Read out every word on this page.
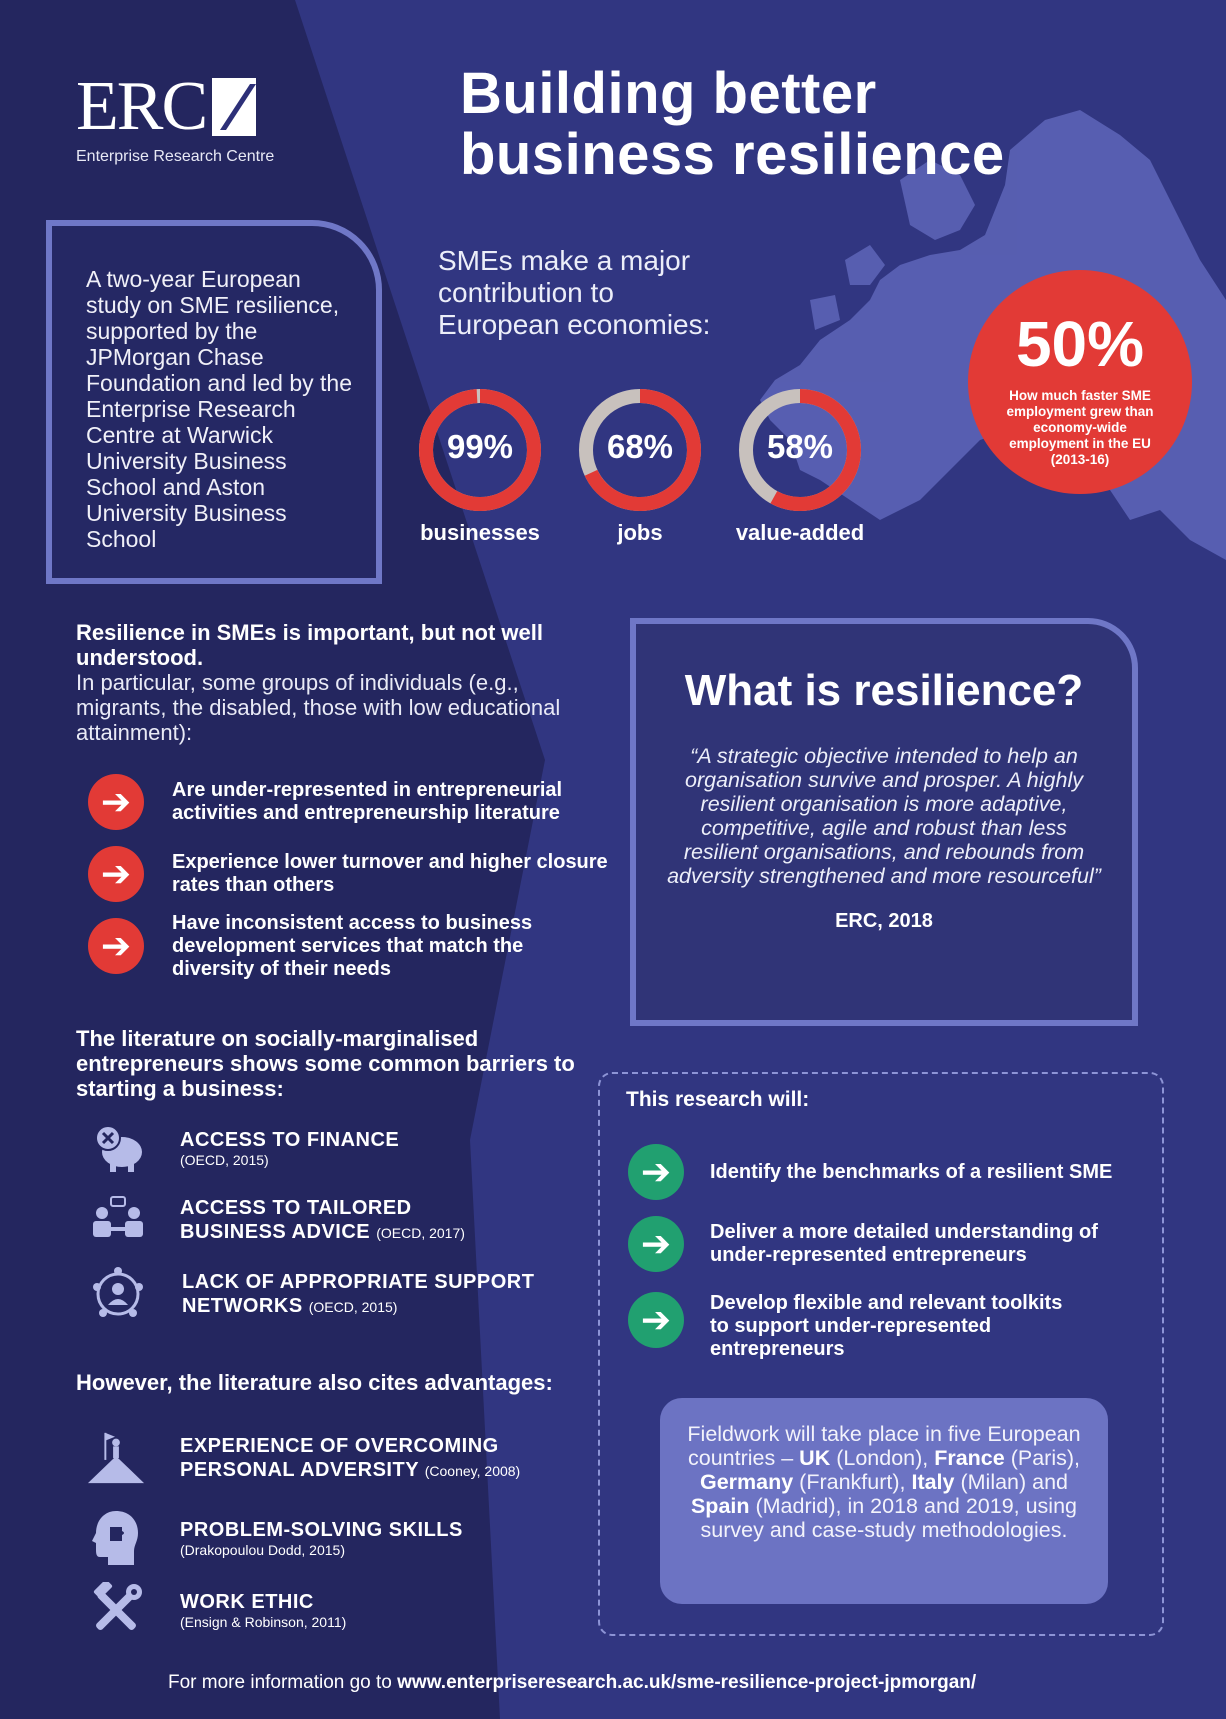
ERC
Enterprise Research Centre
Building better
business resilience

A two-year European study on SME resilience, supported by the JPMorgan Chase Foundation and led by the Enterprise Research Centre at Warwick University Business School and Aston University Business School

SMEs make a major
contribution to
European economies:
99%
businesses
68%
jobs
58%
value-added
50%
How much faster SME employment grew than economy-wide employment in the EU (2013-16)
Resilience in SMEs is important, but not well understood.
In particular, some groups of individuals (e.g., migrants, the disabled, those with low educational attainment):
➔	Are under-represented in entrepreneurial activities and entrepreneurship literature
➔	Experience lower turnover and higher closure rates than others
➔
Have inconsistent access to business development services that match the diversity of their needs
What is resilience?
“A strategic objective intended to help an organisation survive and prosper. A highly resilient organisation is more adaptive, competitive, agile and robust than less resilient organisations, and rebounds from adversity strengthened and more resourceful”
ERC, 2018
The literature on socially-marginalised entrepreneurs shows some common barriers to starting a business:
ACCESS TO FINANCE
(OECD, 2015)
ACCESS TO TAILORED
BUSINESS ADVICE (OECD, 2017)
LACK OF APPROPRIATE SUPPORT
NETWORKS (OECD, 2015)
However, the literature also cites advantages:
EXPERIENCE OF OVERCOMING
PERSONAL ADVERSITY (Cooney, 2008)
PROBLEM-SOLVING SKILLS
(Drakopoulou Dodd, 2015)
WORK ETHIC
(Ensign & Robinson, 2011)
This research will:
➔	Identify the benchmarks of a resilient SME
➔	Deliver a more detailed understanding of under-represented entrepreneurs
➔	Develop flexible and relevant toolkits to support under-represented entrepreneurs
Fieldwork will take place in five European countries – UK (London), France (Paris), Germany (Frankfurt), Italy (Milan) and Spain (Madrid), in 2018 and 2019, using survey and case-study methodologies.
For more information go to www.enterpriseresearch.ac.uk/sme-resilience-project-jpmorgan/
